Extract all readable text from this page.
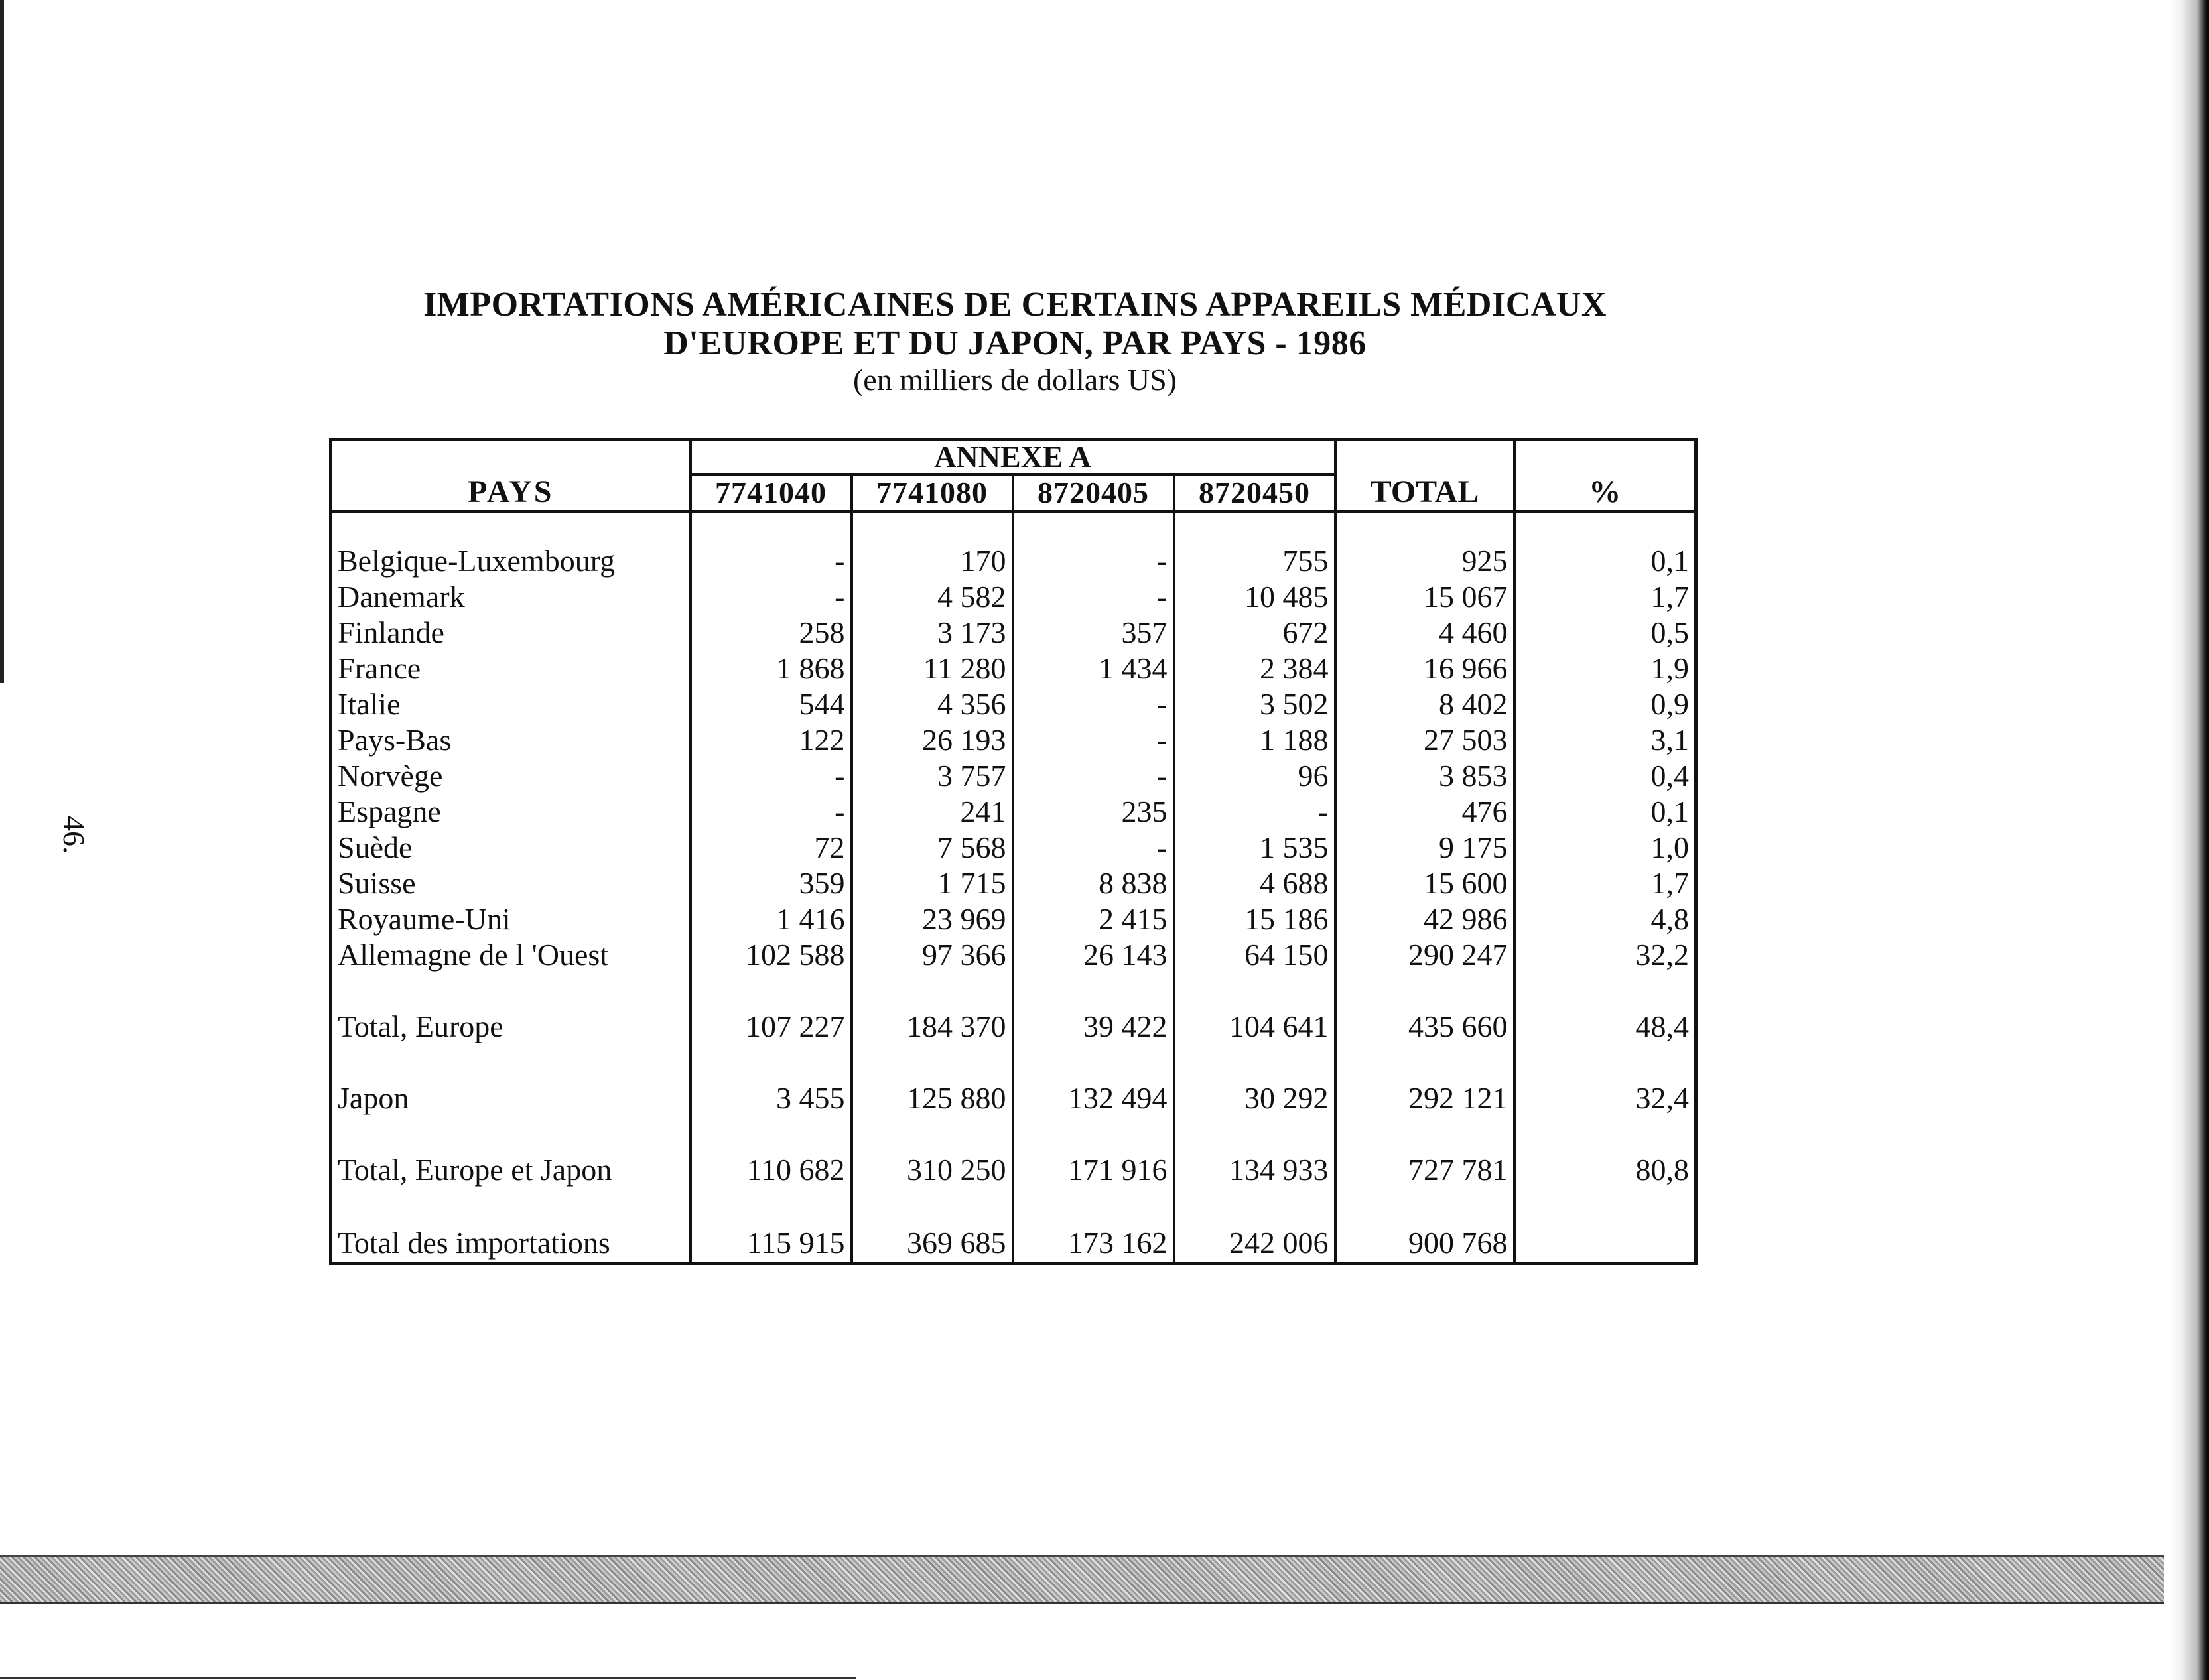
46.
IMPORTATIONS AMÉRICAINES DE CERTAINS APPAREILS MÉDICAUX
D'EUROPE ET DU JAPON, PAR PAYS - 1986
(en milliers de dollars US)
PAYS	ANNEXE A				TOTAL	%
	7741040	7741080	8720405	8720450		

Belgique-Luxembourg	-	170	-	755	925	0,1
Danemark	-	4 582	-	10 485	15 067	1,7
Finlande	258	3 173	357	672	4 460	0,5
France	1 868	11 280	1 434	2 384	16 966	1,9
Italie	544	4 356	-	3 502	8 402	0,9
Pays-Bas	122	26 193	-	1 188	27 503	3,1
Norvège	-	3 757	-	96	3 853	0,4
Espagne	-	241	235	-	476	0,1
Suède	72	7 568	-	1 535	9 175	1,0
Suisse	359	1 715	8 838	4 688	15 600	1,7
Royaume-Uni	1 416	23 969	2 415	15 186	42 986	4,8
Allemagne de l 'Ouest	102 588	97 366	26 143	64 150	290 247	32,2

Total, Europe	107 227	184 370	39 422	104 641	435 660	48,4

Japon	3 455	125 880	132 494	30 292	292 121	32,4

Total, Europe et Japon	110 682	310 250	171 916	134 933	727 781	80,8

Total des importations	115 915	369 685	173 162	242 006	900 768	
